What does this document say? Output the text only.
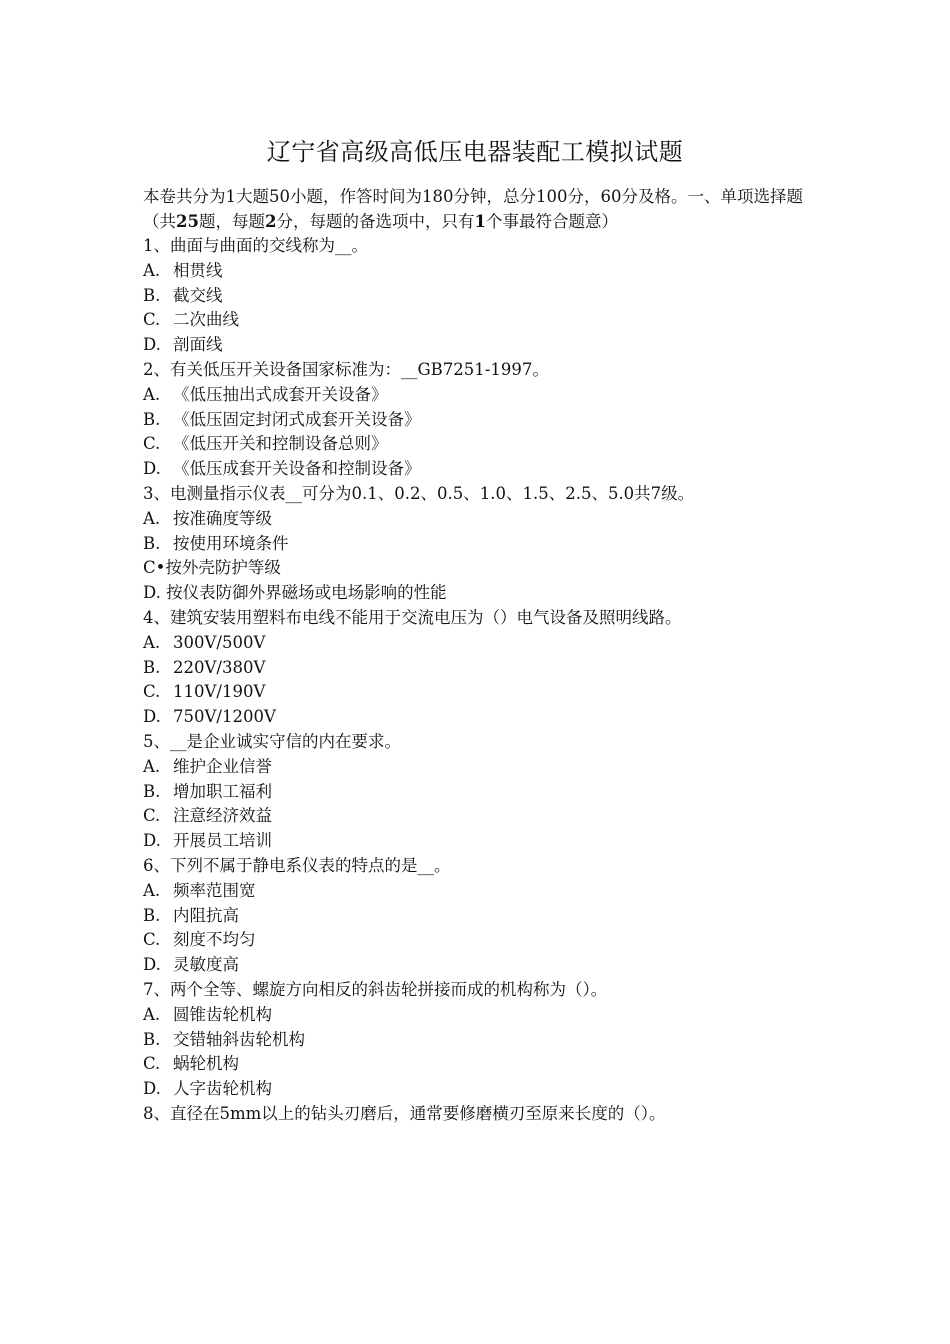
辽宁省高级高低压电器装配工模拟试题

本卷共分为1大题50小题，作答时间为180分钟，总分100分，60分及格。一、单项选择题（共25题，每题2分，每题的备选项中，只有1个事最符合题意）

1、曲面与曲面的交线称为__。

A. 相贯线

B. 截交线

C. 二次曲线

D. 剖面线

2、有关低压开关设备国家标准为：__GB7251-1997。

A. 《低压抽出式成套开关设备》

B. 《低压固定封闭式成套开关设备》

C. 《低压开关和控制设备总则》

D. 《低压成套开关设备和控制设备》

3、电测量指示仪表__可分为0.1、0.2、0.5、1.0、1.5、2.5、5.0共7级。

A. 按准确度等级

B. 按使用环境条件

C•按外壳防护等级

D. 按仪表防御外界磁场或电场影响的性能

4、建筑安装用塑料布电线不能用于交流电压为（）电气设备及照明线路。

A. 300V/500V

B. 220V/380V

C. 110V/190V

D. 750V/1200V

5、__是企业诚实守信的内在要求。

A. 维护企业信誉

B. 增加职工福利

C. 注意经济效益

D. 开展员工培训

6、下列不属于静电系仪表的特点的是__。

A. 频率范围宽

B. 内阻抗高

C. 刻度不均匀

D. 灵敏度高

7、两个全等、螺旋方向相反的斜齿轮拼接而成的机构称为（）。

A. 圆锥齿轮机构

B. 交错轴斜齿轮机构

C. 蜗轮机构

D. 人字齿轮机构

8、直径在5mm以上的钻头刃磨后，通常要修磨横刃至原来长度的（）。
